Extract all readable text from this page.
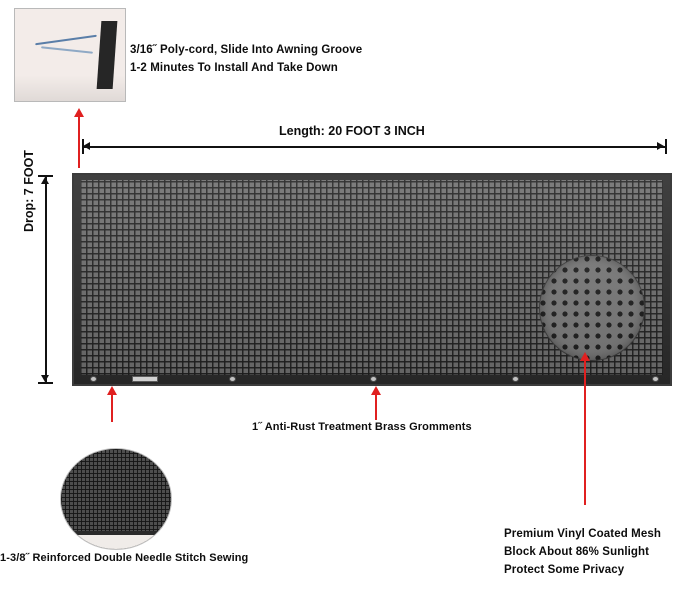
3/16˝ Poly-cord, Slide Into Awning Groove
1-2 Minutes To Install And Take Down
Length: 20 FOOT 3 INCH
Drop: 7 FOOT
1˝ Anti-Rust Treatment Brass Gromments
1-3/8˝ Reinforced Double Needle Stitch Sewing
Premium Vinyl Coated Mesh
Block About 86% Sunlight
Protect Some Privacy
